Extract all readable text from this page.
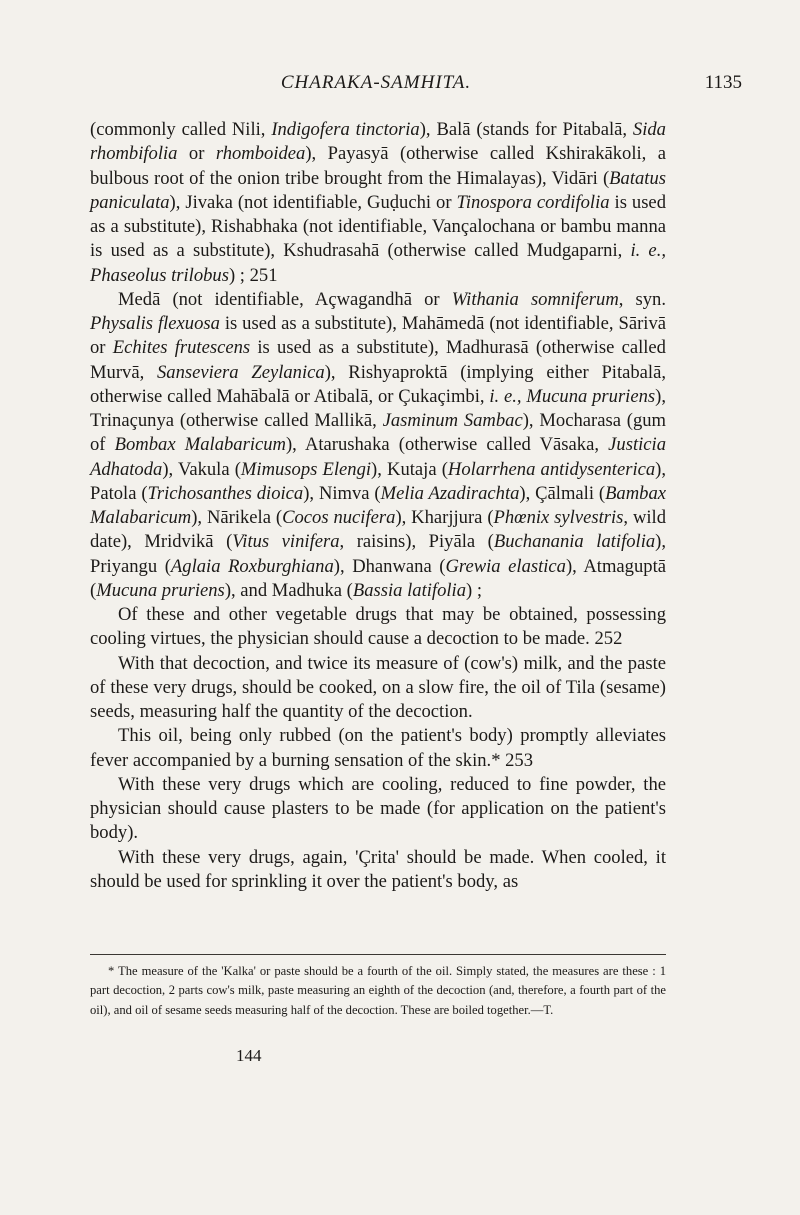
CHARAKA-SAMHITA.	1135

(commonly called Nili, Indigofera tinctoria), Balā (stands for Pitabalā, Sida rhombifolia or rhomboidea), Payasyā (otherwise called Kshirakākoli, a bulbous root of the onion tribe brought from the Himalayas), Vidāri (Batatus paniculata), Jivaka (not identifiable, Guḍuchi or Tinospora cordifolia is used as a substitute), Rishabhaka (not identifiable, Vançalochana or bambu manna is used as a substitute), Kshudrasahā (otherwise called Mudgaparni, i. e., Phaseolus trilobus) ; 251

Medā (not identifiable, Açwagandhā or Withania somniferum, syn. Physalis flexuosa is used as a substitute), Mahāmedā (not identifiable, Sārivā or Echites frutescens is used as a substitute), Madhurasā (otherwise called Murvā, Sanseviera Zeylanica), Rishyaproktā (implying either Pitabalā, otherwise called Mahābalā or Atibalā, or Çukaçimbi, i. e., Mucuna pruriens), Trinaçunya (otherwise called Mallikā, Jasminum Sambac), Mocharasa (gum of Bombax Malabaricum), Atarushaka (otherwise called Vāsaka, Justicia Adhatoda), Vakula (Mimusops Elengi), Kutaja (Holarrhena antidysenterica), Patola (Trichosanthes dioica), Nimva (Melia Azadirachta), Çālmali (Bambax Malabaricum), Nārikela (Cocos nucifera), Kharjjura (Phœnix sylvestris, wild date), Mridvikā (Vitus vinifera, raisins), Piyāla (Buchanania latifolia), Priyangu (Aglaia Roxburghiana), Dhanwana (Grewia elastica), Atmaguptā (Mucuna pruriens), and Madhuka (Bassia latifolia) ;

Of these and other vegetable drugs that may be obtained, possessing cooling virtues, the physician should cause a decoction to be made. 252

With that decoction, and twice its measure of (cow's) milk, and the paste of these very drugs, should be cooked, on a slow fire, the oil of Tila (sesame) seeds, measuring half the quantity of the decoction.

This oil, being only rubbed (on the patient's body) promptly alleviates fever accompanied by a burning sensation of the skin.* 253

With these very drugs which are cooling, reduced to fine powder, the physician should cause plasters to be made (for application on the patient's body).

With these very drugs, again, 'Çrita' should be made. When cooled, it should be used for sprinkling it over the patient's body, as

* The measure of the 'Kalka' or paste should be a fourth of the oil. Simply stated, the measures are these : 1 part decoction, 2 parts cow's milk, paste measuring an eighth of the decoction (and, therefore, a fourth part of the oil), and oil of sesame seeds measuring half of the decoction. These are boiled together.—T.
144
